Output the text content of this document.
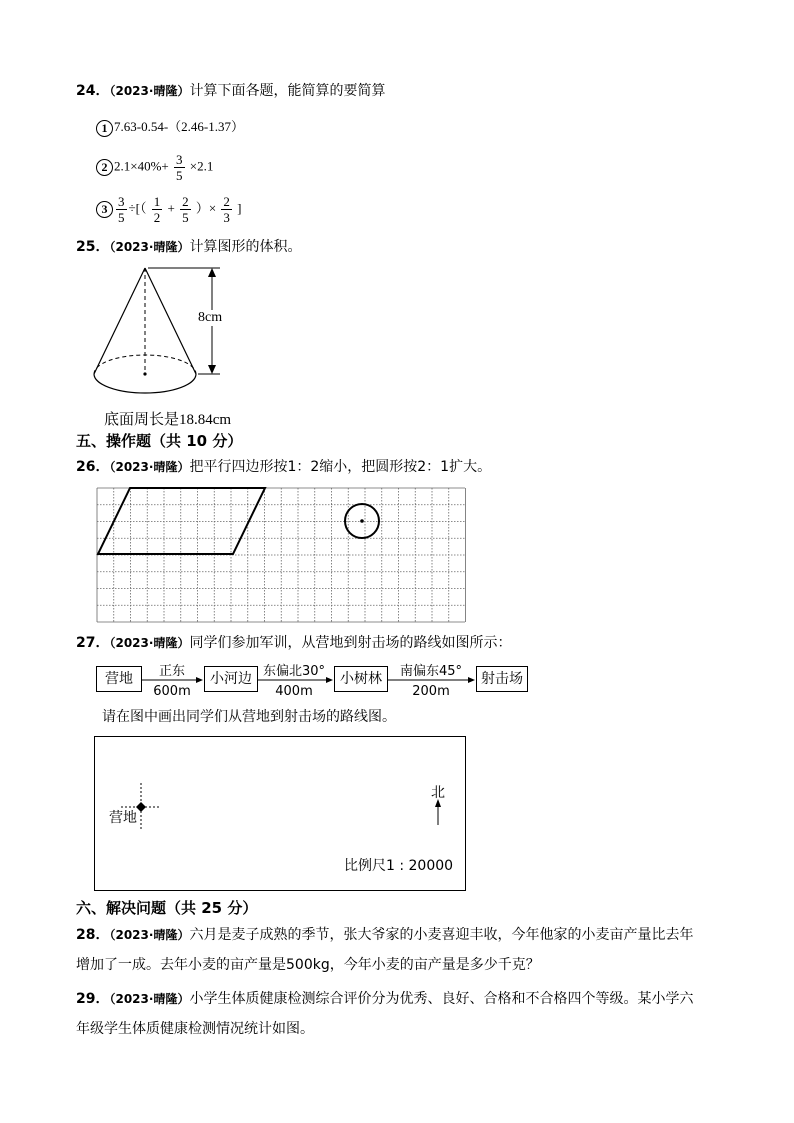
24．（2023·晴隆）计算下面各题，能简算的要简算
1 7.63-0.54-（2.46-1.37）
2 $2.1\times 40\%+ \frac{3}{5} \times 2.1$
$3 \frac{3}{5}$ ÷[（ $\frac{1}{2} + \frac{2}{5}$ ）× $\frac{2}{3}$ ]
25．（2023·晴隆）计算图形的体积。
8cm
底面周长是18.84cm
五、操作题（共 10 分）
26．（2023·晴隆）把平行四边形按1：2缩小，把圆形按2：1扩大。
27．（2023·晴隆）同学们参加军训，从营地到射击场的路线如图所示：
营地	正东
600m
小河边 东偏北30°
400m
小树林	南偏东45°
200m
射击场
请在图中画出同学们从营地到射击场的路线图。
营地
北
比例尺1 : 20000
六、解决问题（共 25 分）
28．（2023·晴隆）六月是麦子成熟的季节，张大爷家的小麦喜迎丰收，今年他家的小麦亩产量比去年
增加了一成。去年小麦的亩产量是500kg，今年小麦的亩产量是多少千克？
29．（2023·晴隆）小学生体质健康检测综合评价分为优秀、良好、合格和不合格四个等级。某小学六
年级学生体质健康检测情况统计如图。
